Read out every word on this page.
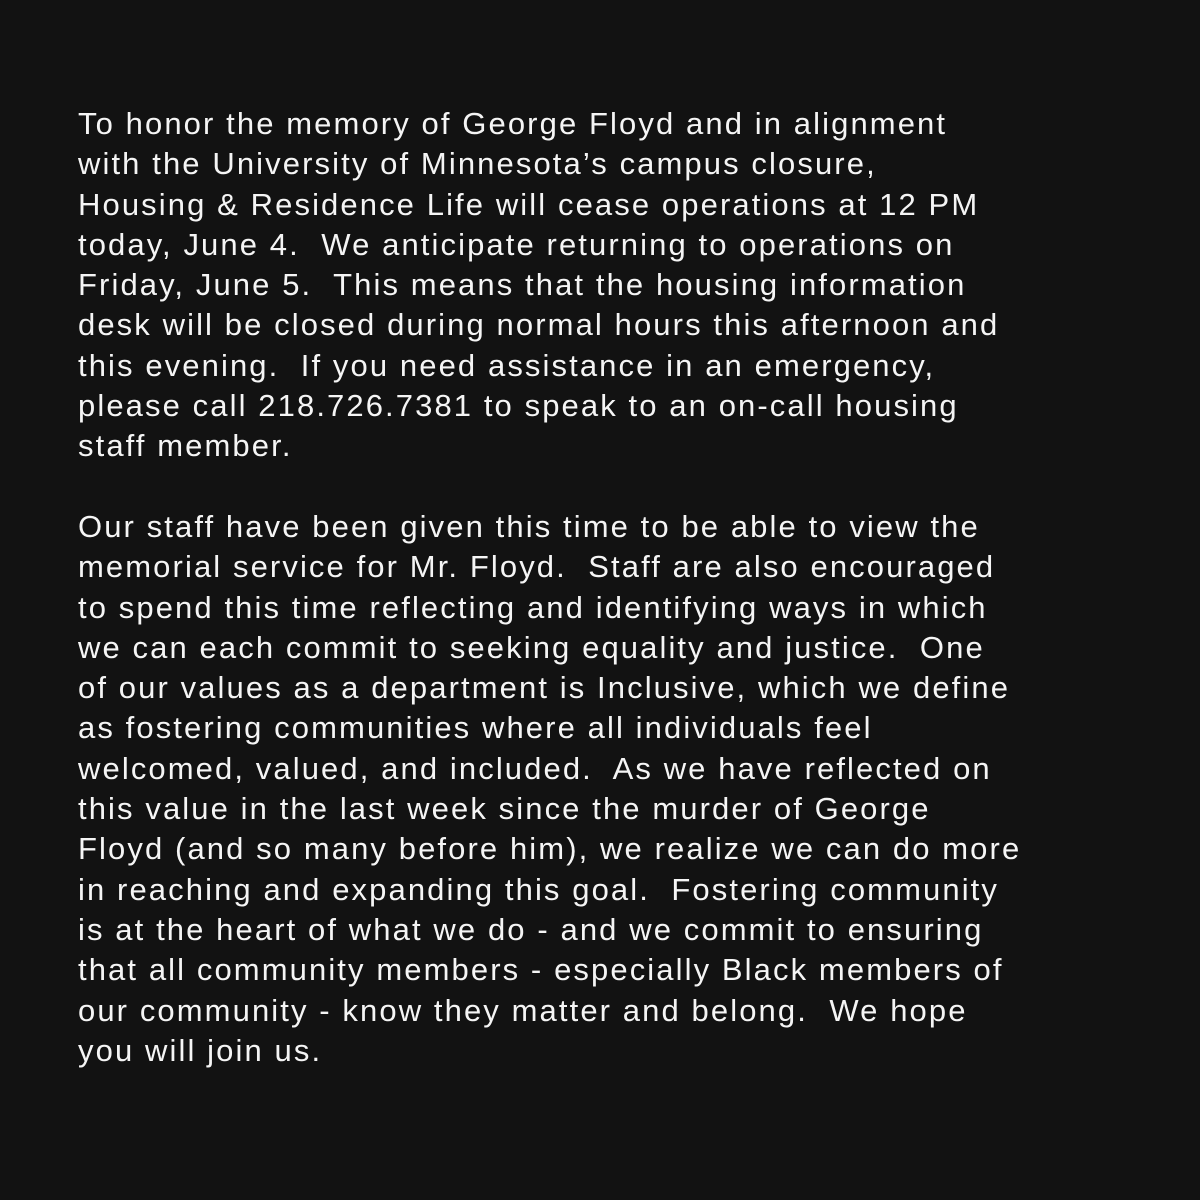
To honor the memory of George Floyd and in alignment
with the University of Minnesota’s campus closure,
Housing & Residence Life will cease operations at 12 PM
today, June 4.  We anticipate returning to operations on
Friday, June 5.  This means that the housing information
desk will be closed during normal hours this afternoon and
this evening.  If you need assistance in an emergency,
please call 218.726.7381 to speak to an on-call housing
staff member.

Our staff have been given this time to be able to view the
memorial service for Mr. Floyd.  Staff are also encouraged
to spend this time reflecting and identifying ways in which
we can each commit to seeking equality and justice.  One
of our values as a department is Inclusive, which we define
as fostering communities where all individuals feel
welcomed, valued, and included.  As we have reflected on
this value in the last week since the murder of George
Floyd (and so many before him), we realize we can do more
in reaching and expanding this goal.  Fostering community
is at the heart of what we do - and we commit to ensuring
that all community members - especially Black members of
our community - know they matter and belong.  We hope
you will join us.
